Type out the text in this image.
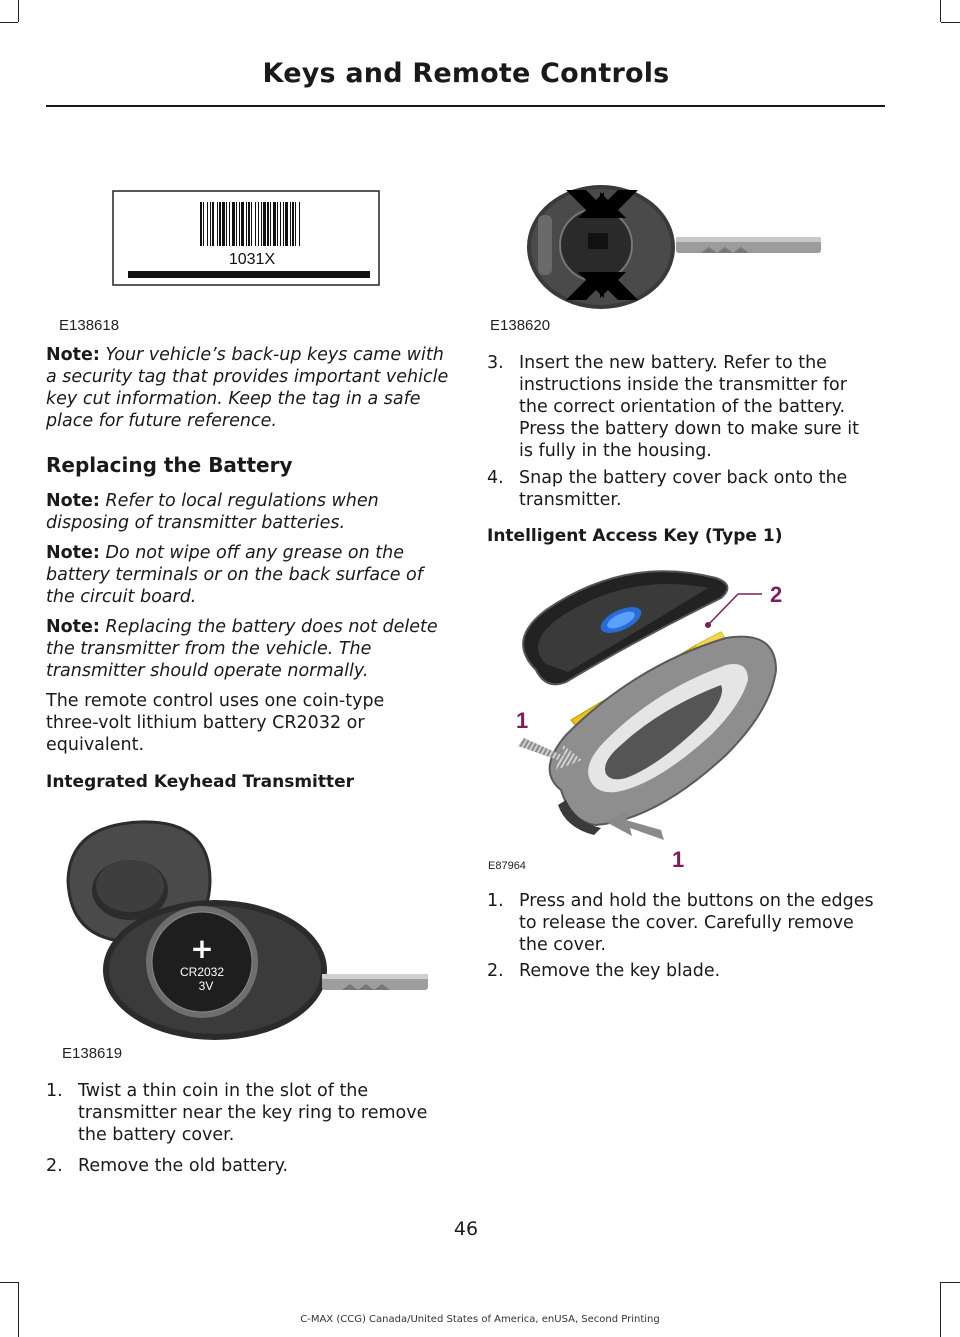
Keys and Remote Controls
1031X
E138618	E138620

Note: Your vehicle’s back-up keys came with a security tag that provides important vehicle key cut information. Keep the tag in a safe place for future reference.

Replacing the Battery

Note: Refer to local regulations when disposing of transmitter batteries.

Note: Do not wipe off any grease on the battery terminals or on the back surface of the circuit board.

Note: Replacing the battery does not delete the transmitter from the vehicle. The transmitter should operate normally.

The remote control uses one coin-type three-volt lithium battery CR2032 or equivalent.

Integrated Keyhead Transmitter
+
CR2032
3V
E138619
1. Twist a thin coin in the slot of the transmitter near the key ring to remove the battery cover.
2. Remove the old battery.
3. Insert the new battery. Refer to the instructions inside the transmitter for the correct orientation of the battery. Press the battery down to make sure it is fully in the housing.
4. Snap the battery cover back onto the transmitter.
Intelligent Access Key (Type 1)
2
1
1
E87964
1. Press and hold the buttons on the edges to release the cover. Carefully remove the cover.
2. Remove the key blade.
46
C-MAX (CCG) Canada/United States of America, enUSA, Second Printing
